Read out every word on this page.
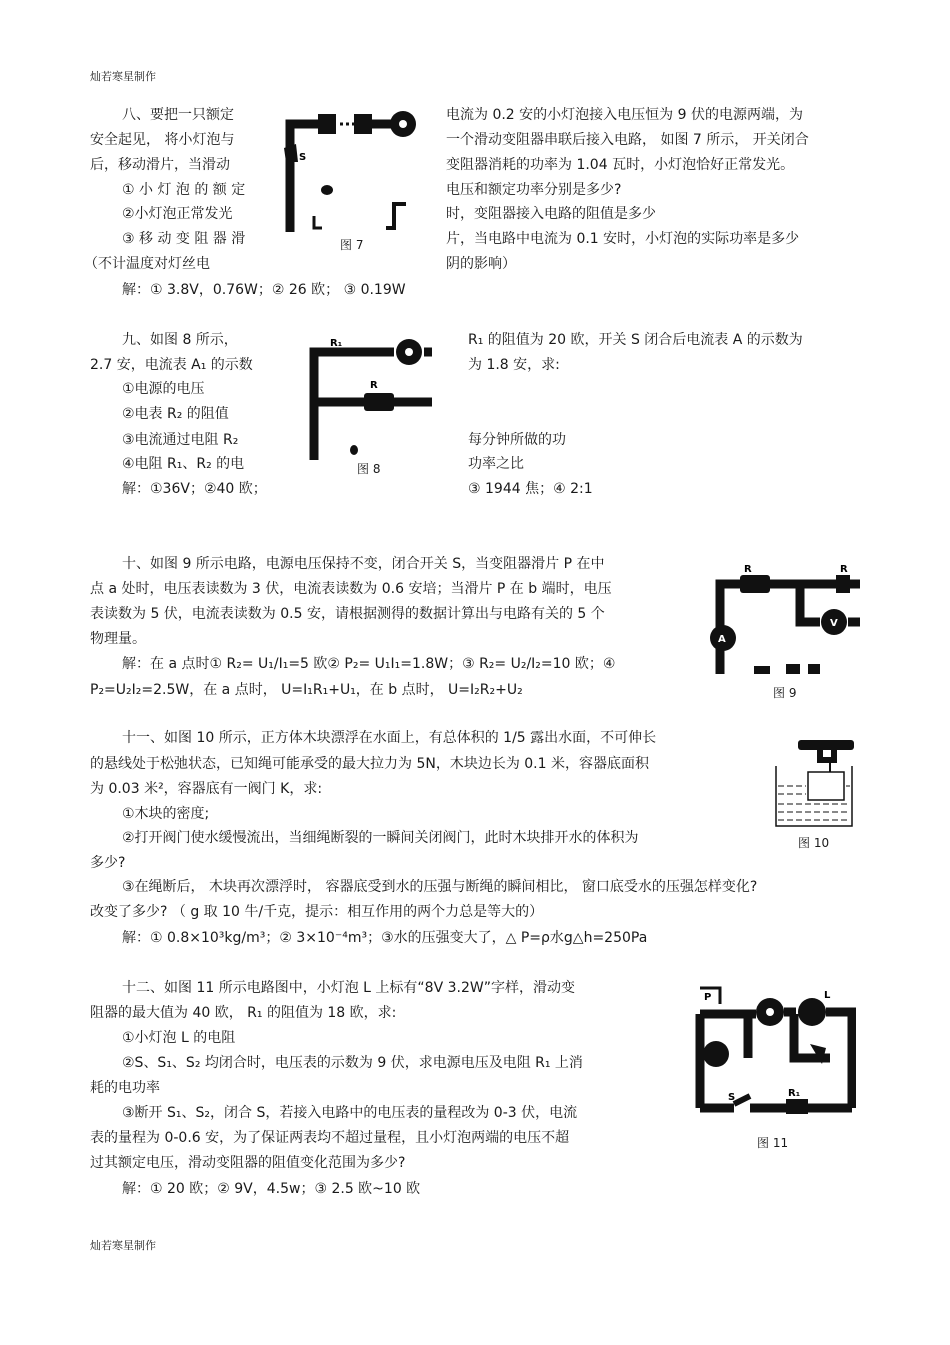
灿若寒星制作
灿若寒星制作
八、要把一只额定	电流为 0.2 安的小灯泡接入电压恒为 9 伏的电源两端，为
安全起见， 将小灯泡与	一个滑动变阻器串联后接入电路， 如图 7 所示， 开关闭合
后，移动滑片，当滑动	变阻器消耗的功率为 1.04 瓦时，小灯泡恰好正常发光。
① 小 灯 泡 的 额 定	电压和额定功率分别是多少?
②小灯泡正常发光	时，变阻器接入电路的阻值是多少
③ 移 动 变 阻 器 滑	片，当电路中电流为 0.1 安时，小灯泡的实际功率是多少
（不计温度对灯丝电	阴的影响）
解：① 3.8V，0.76W；② 26 欧； ③ 0.19W
S
图 7
九、如图 8 所示，	R₁ 的阻值为 20 欧，开关 S 闭合后电流表 A 的示数为
2.7 安，电流表 A₁ 的示数	为 1.8 安，求:
①电源的电压
②电表 R₂ 的阻值
③电流通过电阻 R₂	每分钟所做的功
④电阻 R₁、R₂ 的电	功率之比
解：①36V；②40 欧；	③ 1944 焦；④ 2:1
R₁
R
图 8
十、如图 9 所示电路，电源电压保持不变，闭合开关 S，当变阻器滑片 P 在中
点 a 处时，电压表读数为 3 伏，电流表读数为 0.6 安培；当滑片 P 在 b 端时，电压
表读数为 5 伏，电流表读数为 0.5 安，请根据测得的数据计算出与电路有关的 5 个
物理量。
解：在 a 点时① R₂= U₁/I₁=5 欧② P₂= U₁I₁=1.8W；③ R₂= U₂/I₂=10 欧；④
P₂=U₂I₂=2.5W，在 a 点时， U=I₁R₁+U₁，在 b 点时， U=I₂R₂+U₂
R	R
V
A
图 9
十一、如图 10 所示，正方体木块漂浮在水面上，有总体积的 1/5 露出水面，不可伸长
的悬线处于松弛状态，已知绳可能承受的最大拉力为 5N，木块边长为 0.1 米，容器底面积
为 0.03 米²，容器底有一阀门 K，求:
①木块的密度;
②打开阀门使水缓慢流出，当细绳断裂的一瞬间关闭阀门，此时木块排开水的体积为
多少?
③在绳断后， 木块再次漂浮时， 容器底受到水的压强与断绳的瞬间相比， 窗口底受水的压强怎样变化?
改变了多少? （ g 取 10 牛/千克，提示：相互作用的两个力总是等大的）
解：① 0.8×10³kg/m³；② 3×10⁻⁴m³；③水的压强变大了，△ P=ρ水g△h=250Pa
图 10
十二、如图 11 所示电路图中，小灯泡 L 上标有“8V 3.2W”字样，滑动变
阻器的最大值为 40 欧， R₁ 的阻值为 18 欧，求:
①小灯泡 L 的电阻
②S、S₁、S₂ 均闭合时，电压表的示数为 9 伏，求电源电压及电阻 R₁ 上消
耗的电功率
③断开 S₁、S₂，闭合 S，若接入电路中的电压表的量程改为 0-3 伏，电流
表的量程为 0-0.6 安，为了保证两表均不超过量程，且小灯泡两端的电压不超
过其额定电压，滑动变阻器的阻值变化范围为多少?
解：① 20 欧；② 9V，4.5w；③ 2.5 欧~10 欧
P	L
S	R₁
图 11
